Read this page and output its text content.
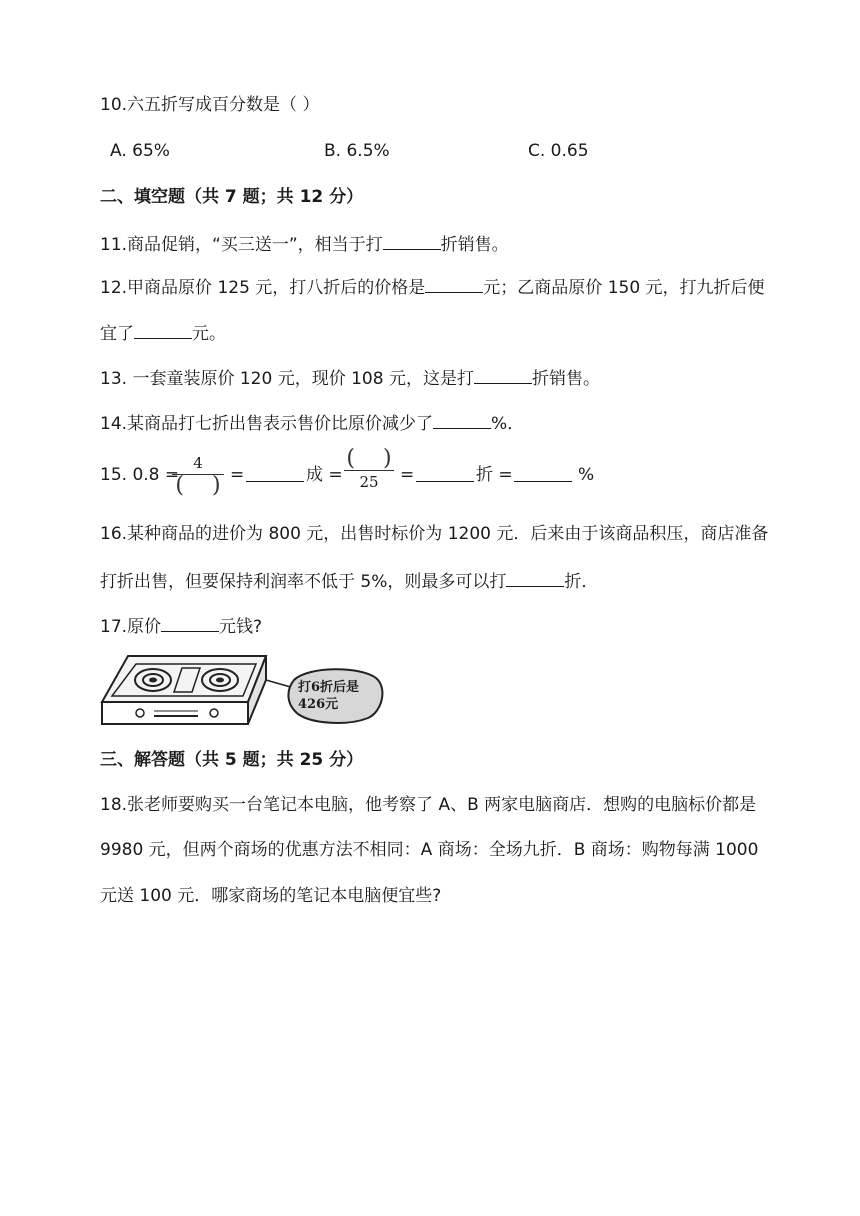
10.六五折写成百分数是（ ）
A. 65%	B. 6.5%	C. 0.65
二、填空题（共 7 题；共 12 分）
11.商品促销，“买三送一”，相当于打	折销售。
12.甲商品原价 125 元，打八折后的价格是	元；乙商品原价 150 元，打九折后便
宜了	元。
13. 一套童装原价 120 元，现价 108 元，这是打	折销售。
14.某商品打七折出售表示售价比原价减少了	%．
15. 0.8 =
4
(    ) =	成 =
(    )
25	=	折 =	%
16.某种商品的进价为 800 元，出售时标价为 1200 元．后来由于该商品积压，商店准备
打折出售，但要保持利润率不低于 5%，则最多可以打	折．
17.原价	元钱?
打6折后是
426元
三、解答题（共 5 题；共 25 分）
18.张老师要购买一台笔记本电脑，他考察了 A、B 两家电脑商店．想购的电脑标价都是
9980 元，但两个商场的优惠方法不相同：A 商场：全场九折．B 商场：购物每满 1000
元送 100 元．哪家商场的笔记本电脑便宜些?
